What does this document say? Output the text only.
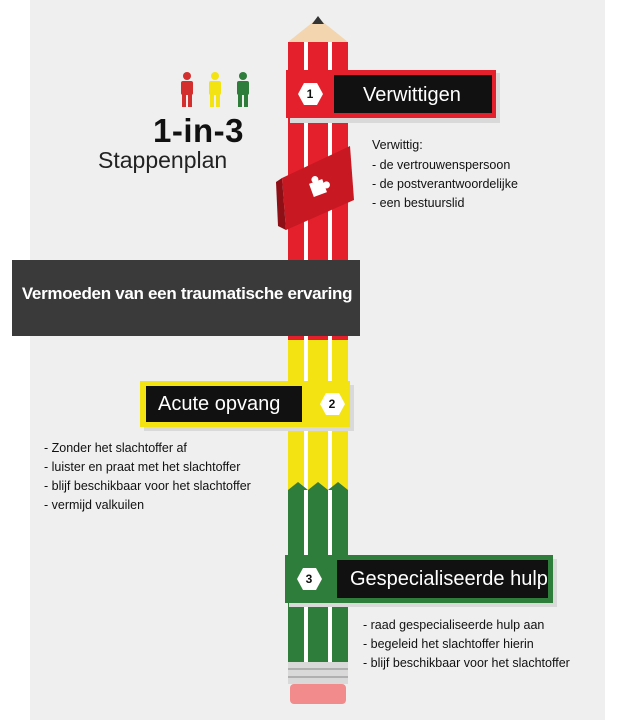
1-in-3
Stappenplan
Vermoeden van een traumatische ervaring
1	Verwittigen
Verwittig:
- de vertrouwenspersoon
- de postverantwoordelijke
- een bestuurslid
Acute opvang	2
- Zonder het slachtoffer af
- luister en praat met het slachtoffer
- blijf beschikbaar voor het slachtoffer
- vermijd valkuilen
3	Gespecialiseerde hulp
- raad gespecialiseerde hulp aan
- begeleid het slachtoffer hierin
- blijf beschikbaar voor het slachtoffer
